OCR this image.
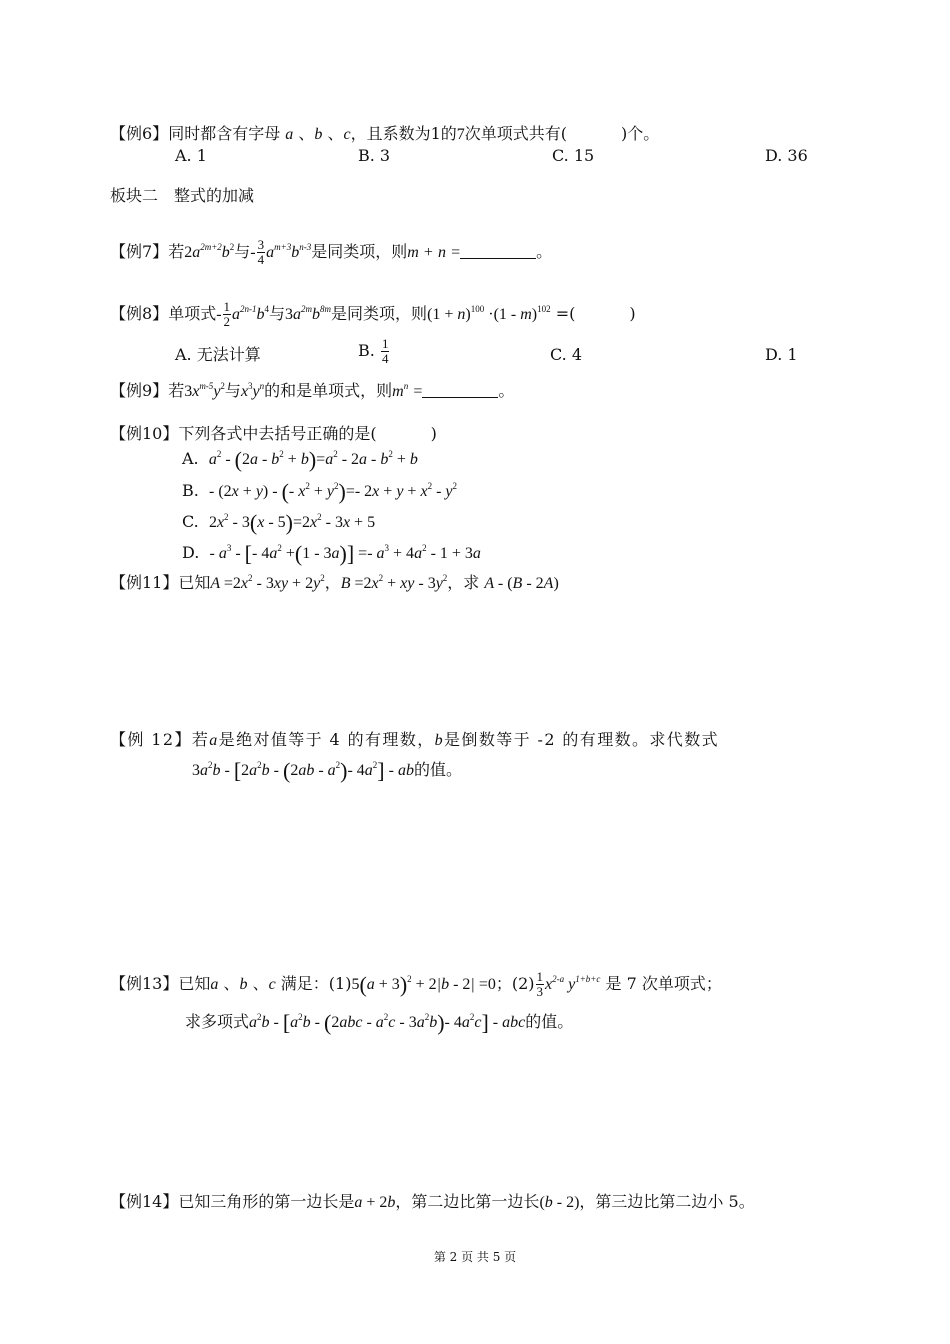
【例6】同时都含有字母 a 、b 、c，且系数为1的7次单项式共有(	)个。
A. 1	B. 3	C. 15	D. 36
板块二　整式的加减
【例7】若$2a^{2m+2}b^2$与- $\frac{3}{4} a^{m+3}b^{n-3}$是同类项，则m + n =	。
【例8】单项式- $\frac{1}{2} a^{2n-1}b^4$与$3a^{2m}b^{8m}$是同类项，则$(1 + n)^{100} \cdot(1 - m)^{102}$ =(	)
A. 无法计算	B. $\frac{1}{4}$	C. 4	D. 1
【例9】若$3x^{m-5}y^2$与$x^3y^n$的和是单项式，则$m^n$ =	。
【例10】下列各式中去括号正确的是(	)
A. $a^2 - (2a - b^2 + b)=a^2 - 2a - b^2 + b$
B. - (2x + y) - (- $x^2 + y^2)=-$ $2x + y + x^2 - y^2$
C. $2x^2 - 3(x - 5)=2x^2 - 3x + 5$
D. - $a^3$ - [- $4a^2 +(1 - 3a)] =- a^3 + 4a^2 - 1 + 3a$
【例11】已知$A =2x^2 - 3xy + 2y^2$，$B =2x^2$ + xy - $3y^2$，求 A - (B - 2A)
【例 12】若a是绝对值等于 4 的有理数，b是倒数等于 -2 的有理数。求代数式
$3a^2b - [2a^2b - (2ab - a^2)-$ $4a^2$] - ab的值。
【例13】已知a 、b 、c 满足：$(1)5(a + 3)^2 + 2|b - 2| =0$；$(2) \frac{1}{3} x^{2-a}$ $y^{1+b+c}$ 是 7 次单项式；
求多项式$a^2b - [a^2b - (2abc - a^2c - 3a^2b)-$ $4a^2c$] - abc的值。
【例14】已知三角形的第一边长是a + 2b，第二边比第一边长(b - 2)，第三边比第二边小 5。
第 2 页 共 5 页
